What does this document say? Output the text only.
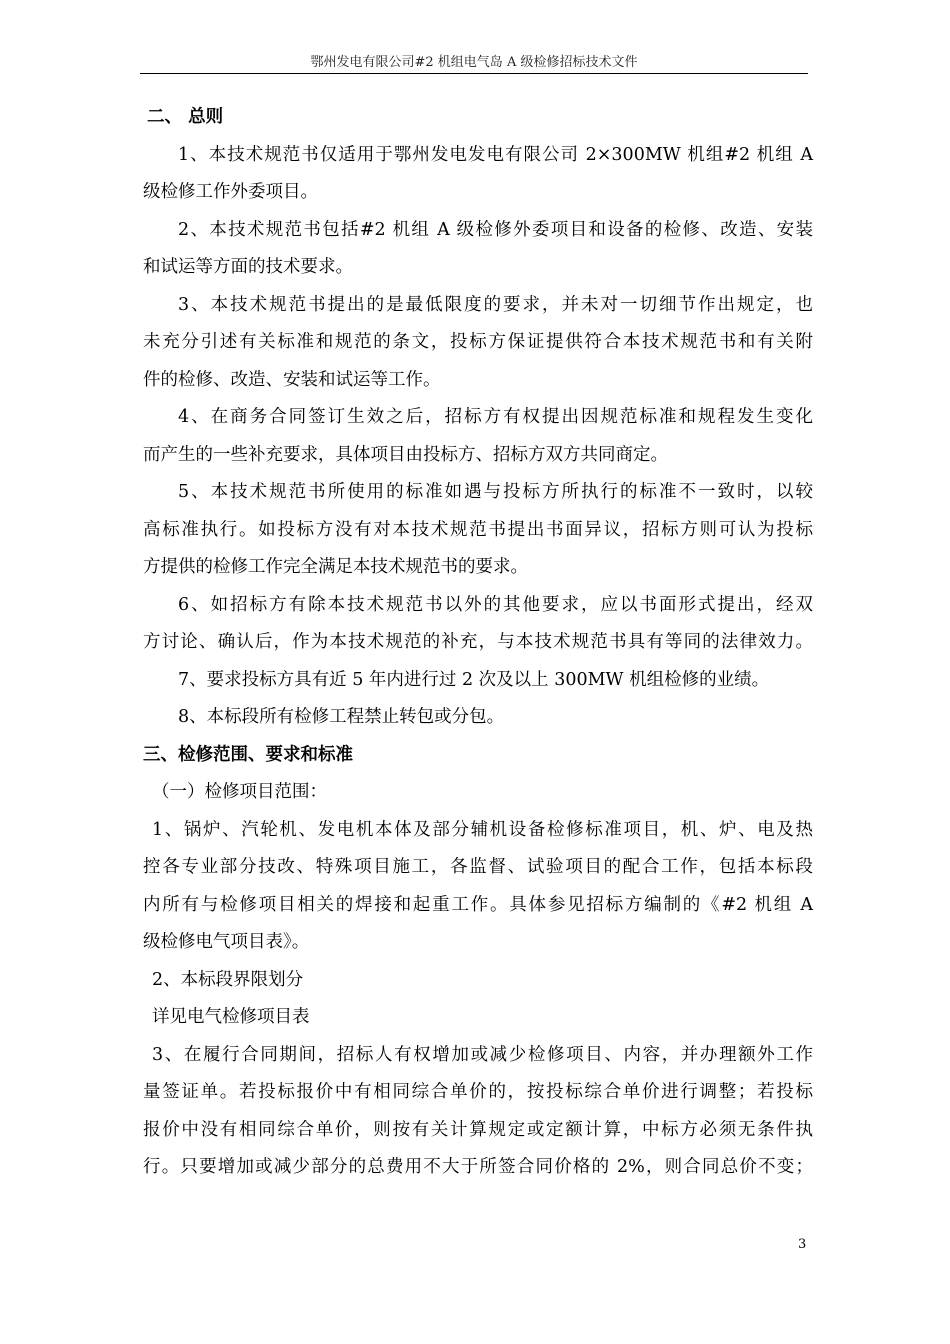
鄂州发电有限公司#2 机组电气岛 A 级检修招标技术文件
二、 总则
1、本技术规范书仅适用于鄂州发电发电有限公司 2×300MW 机组#2 机组 A
级检修工作外委项目。
2、本技术规范书包括#2 机组 A 级检修外委项目和设备的检修、改造、安装
和试运等方面的技术要求。
3、本技术规范书提出的是最低限度的要求，并未对一切细节作出规定，也
未充分引述有关标准和规范的条文，投标方保证提供符合本技术规范书和有关附
件的检修、改造、安装和试运等工作。
4、在商务合同签订生效之后，招标方有权提出因规范标准和规程发生变化
而产生的一些补充要求，具体项目由投标方、招标方双方共同商定。
5、本技术规范书所使用的标准如遇与投标方所执行的标准不一致时，以较
高标准执行。如投标方没有对本技术规范书提出书面异议，招标方则可认为投标
方提供的检修工作完全满足本技术规范书的要求。
6、如招标方有除本技术规范书以外的其他要求，应以书面形式提出，经双
方讨论、确认后，作为本技术规范的补充，与本技术规范书具有等同的法律效力。
7、要求投标方具有近 5 年内进行过 2 次及以上 300MW 机组检修的业绩。
8、本标段所有检修工程禁止转包或分包。
三、检修范围、要求和标准
（一）检修项目范围：
1、锅炉、汽轮机、发电机本体及部分辅机设备检修标准项目，机、炉、电及热
控各专业部分技改、特殊项目施工，各监督、试验项目的配合工作，包括本标段
内所有与检修项目相关的焊接和起重工作。具体参见招标方编制的《#2 机组 A
级检修电气项目表》。
2、本标段界限划分
详见电气检修项目表
3、在履行合同期间，招标人有权增加或减少检修项目、内容，并办理额外工作
量签证单。若投标报价中有相同综合单价的，按投标综合单价进行调整；若投标
报价中没有相同综合单价，则按有关计算规定或定额计算，中标方必须无条件执
行。只要增加或减少部分的总费用不大于所签合同价格的 2%，则合同总价不变；
3
